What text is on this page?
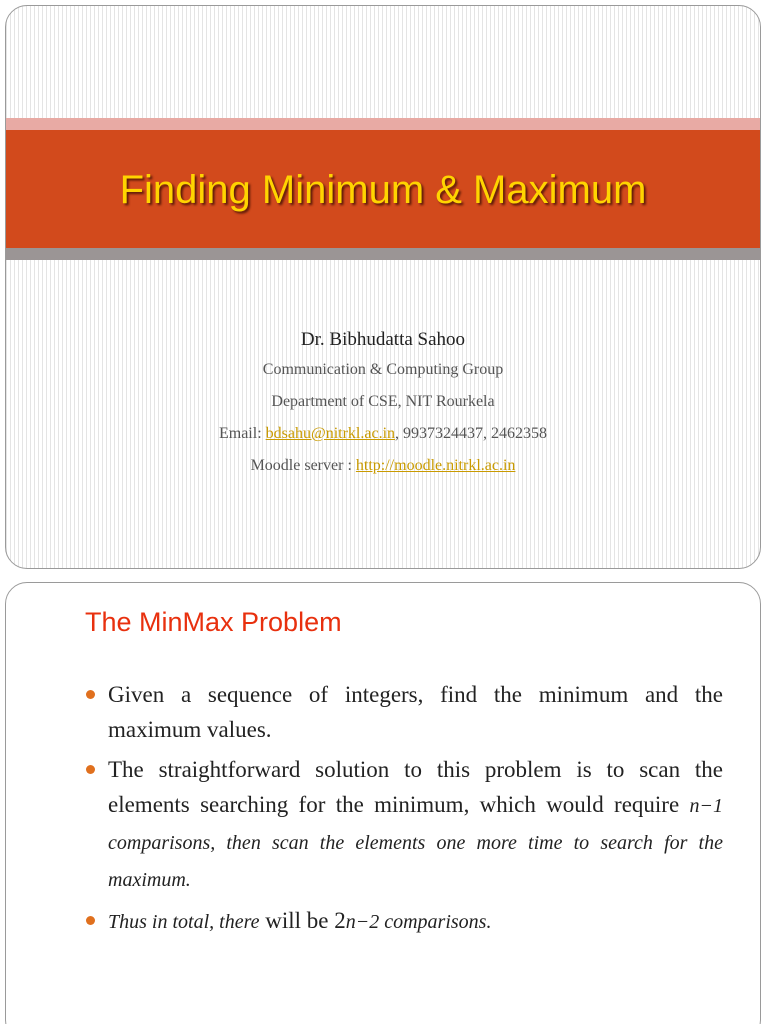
Finding Minimum & Maximum

Dr. Bibhudatta Sahoo

Communication & Computing Group

Department of CSE, NIT Rourkela

Email: bdsahu@nitrkl.ac.in, 9937324437, 2462358

Moodle server : http://moodle.nitrkl.ac.in

The MinMax Problem
Given a sequence of integers, find the minimum and the maximum values.
The straightforward solution to this problem is to scan the elements searching for the minimum, which would require n−1 comparisons, then scan the elements one more time to search for the maximum.
Thus in total, there will be 2n−2 comparisons.
